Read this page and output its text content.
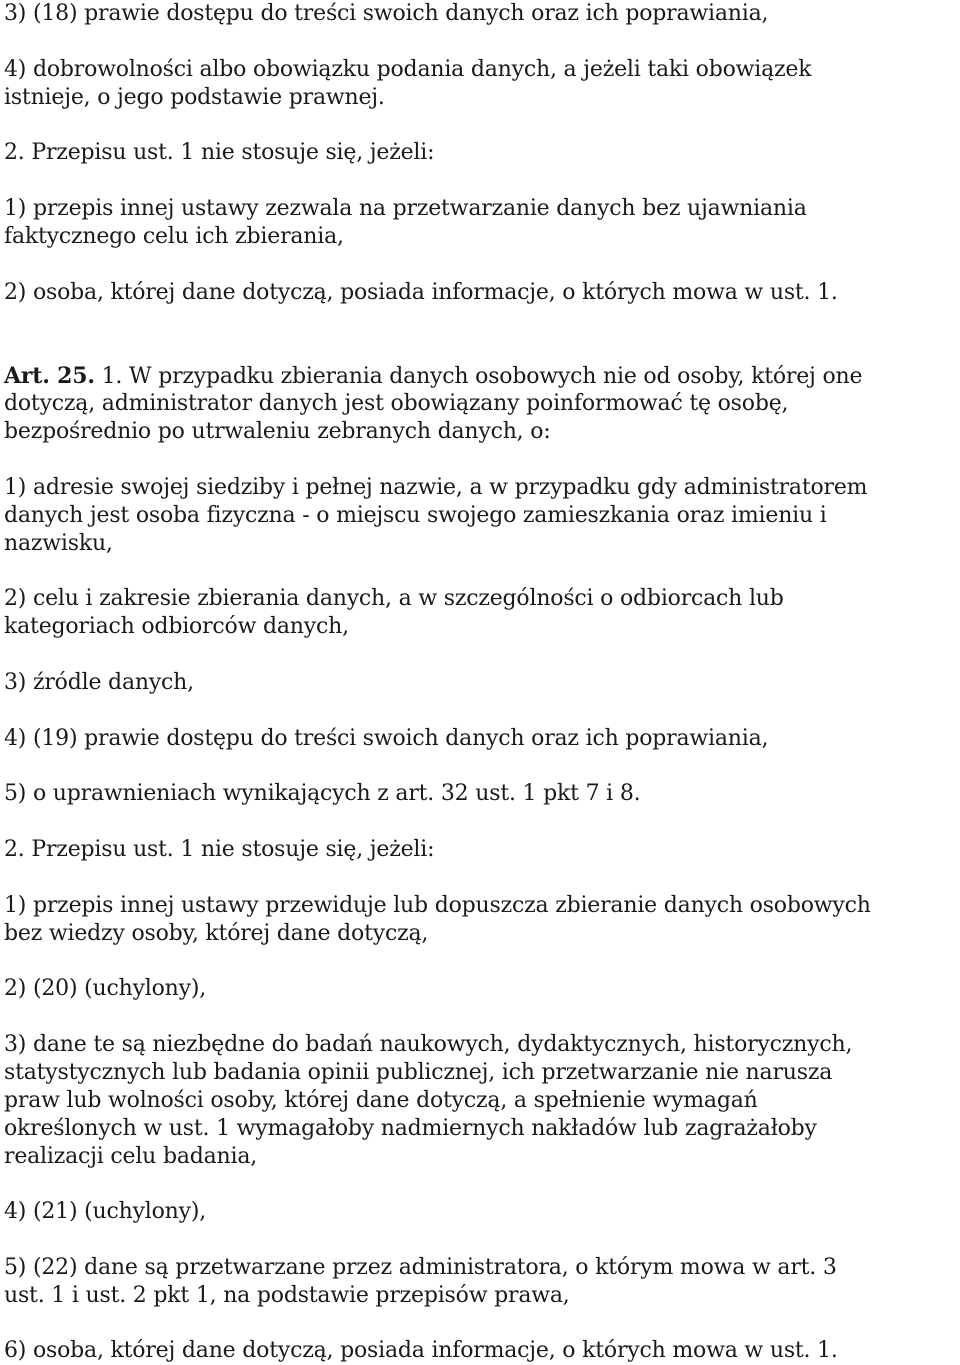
3) (18) prawie dostępu do treści swoich danych oraz ich poprawiania,

4) dobrowolności albo obowiązku podania danych, a jeżeli taki obowiązek

istnieje, o jego podstawie prawnej.

2. Przepisu ust. 1 nie stosuje się, jeżeli:

1) przepis innej ustawy zezwala na przetwarzanie danych bez ujawniania

faktycznego celu ich zbierania,

2) osoba, której dane dotyczą, posiada informacje, o których mowa w ust. 1.

Art. 25. 1. W przypadku zbierania danych osobowych nie od osoby, której one

dotyczą, administrator danych jest obowiązany poinformować tę osobę,

bezpośrednio po utrwaleniu zebranych danych, o:

1) adresie swojej siedziby i pełnej nazwie, a w przypadku gdy administratorem

danych jest osoba fizyczna - o miejscu swojego zamieszkania oraz imieniu i

nazwisku,

2) celu i zakresie zbierania danych, a w szczególności o odbiorcach lub

kategoriach odbiorców danych,

3) źródle danych,

4) (19) prawie dostępu do treści swoich danych oraz ich poprawiania,

5) o uprawnieniach wynikających z art. 32 ust. 1 pkt 7 i 8.

2. Przepisu ust. 1 nie stosuje się, jeżeli:

1) przepis innej ustawy przewiduje lub dopuszcza zbieranie danych osobowych

bez wiedzy osoby, której dane dotyczą,

2) (20) (uchylony),

3) dane te są niezbędne do badań naukowych, dydaktycznych, historycznych,

statystycznych lub badania opinii publicznej, ich przetwarzanie nie narusza

praw lub wolności osoby, której dane dotyczą, a spełnienie wymagań

określonych w ust. 1 wymagałoby nadmiernych nakładów lub zagrażałoby

realizacji celu badania,

4) (21) (uchylony),

5) (22) dane są przetwarzane przez administratora, o którym mowa w art. 3

ust. 1 i ust. 2 pkt 1, na podstawie przepisów prawa,

6) osoba, której dane dotyczą, posiada informacje, o których mowa w ust. 1.
